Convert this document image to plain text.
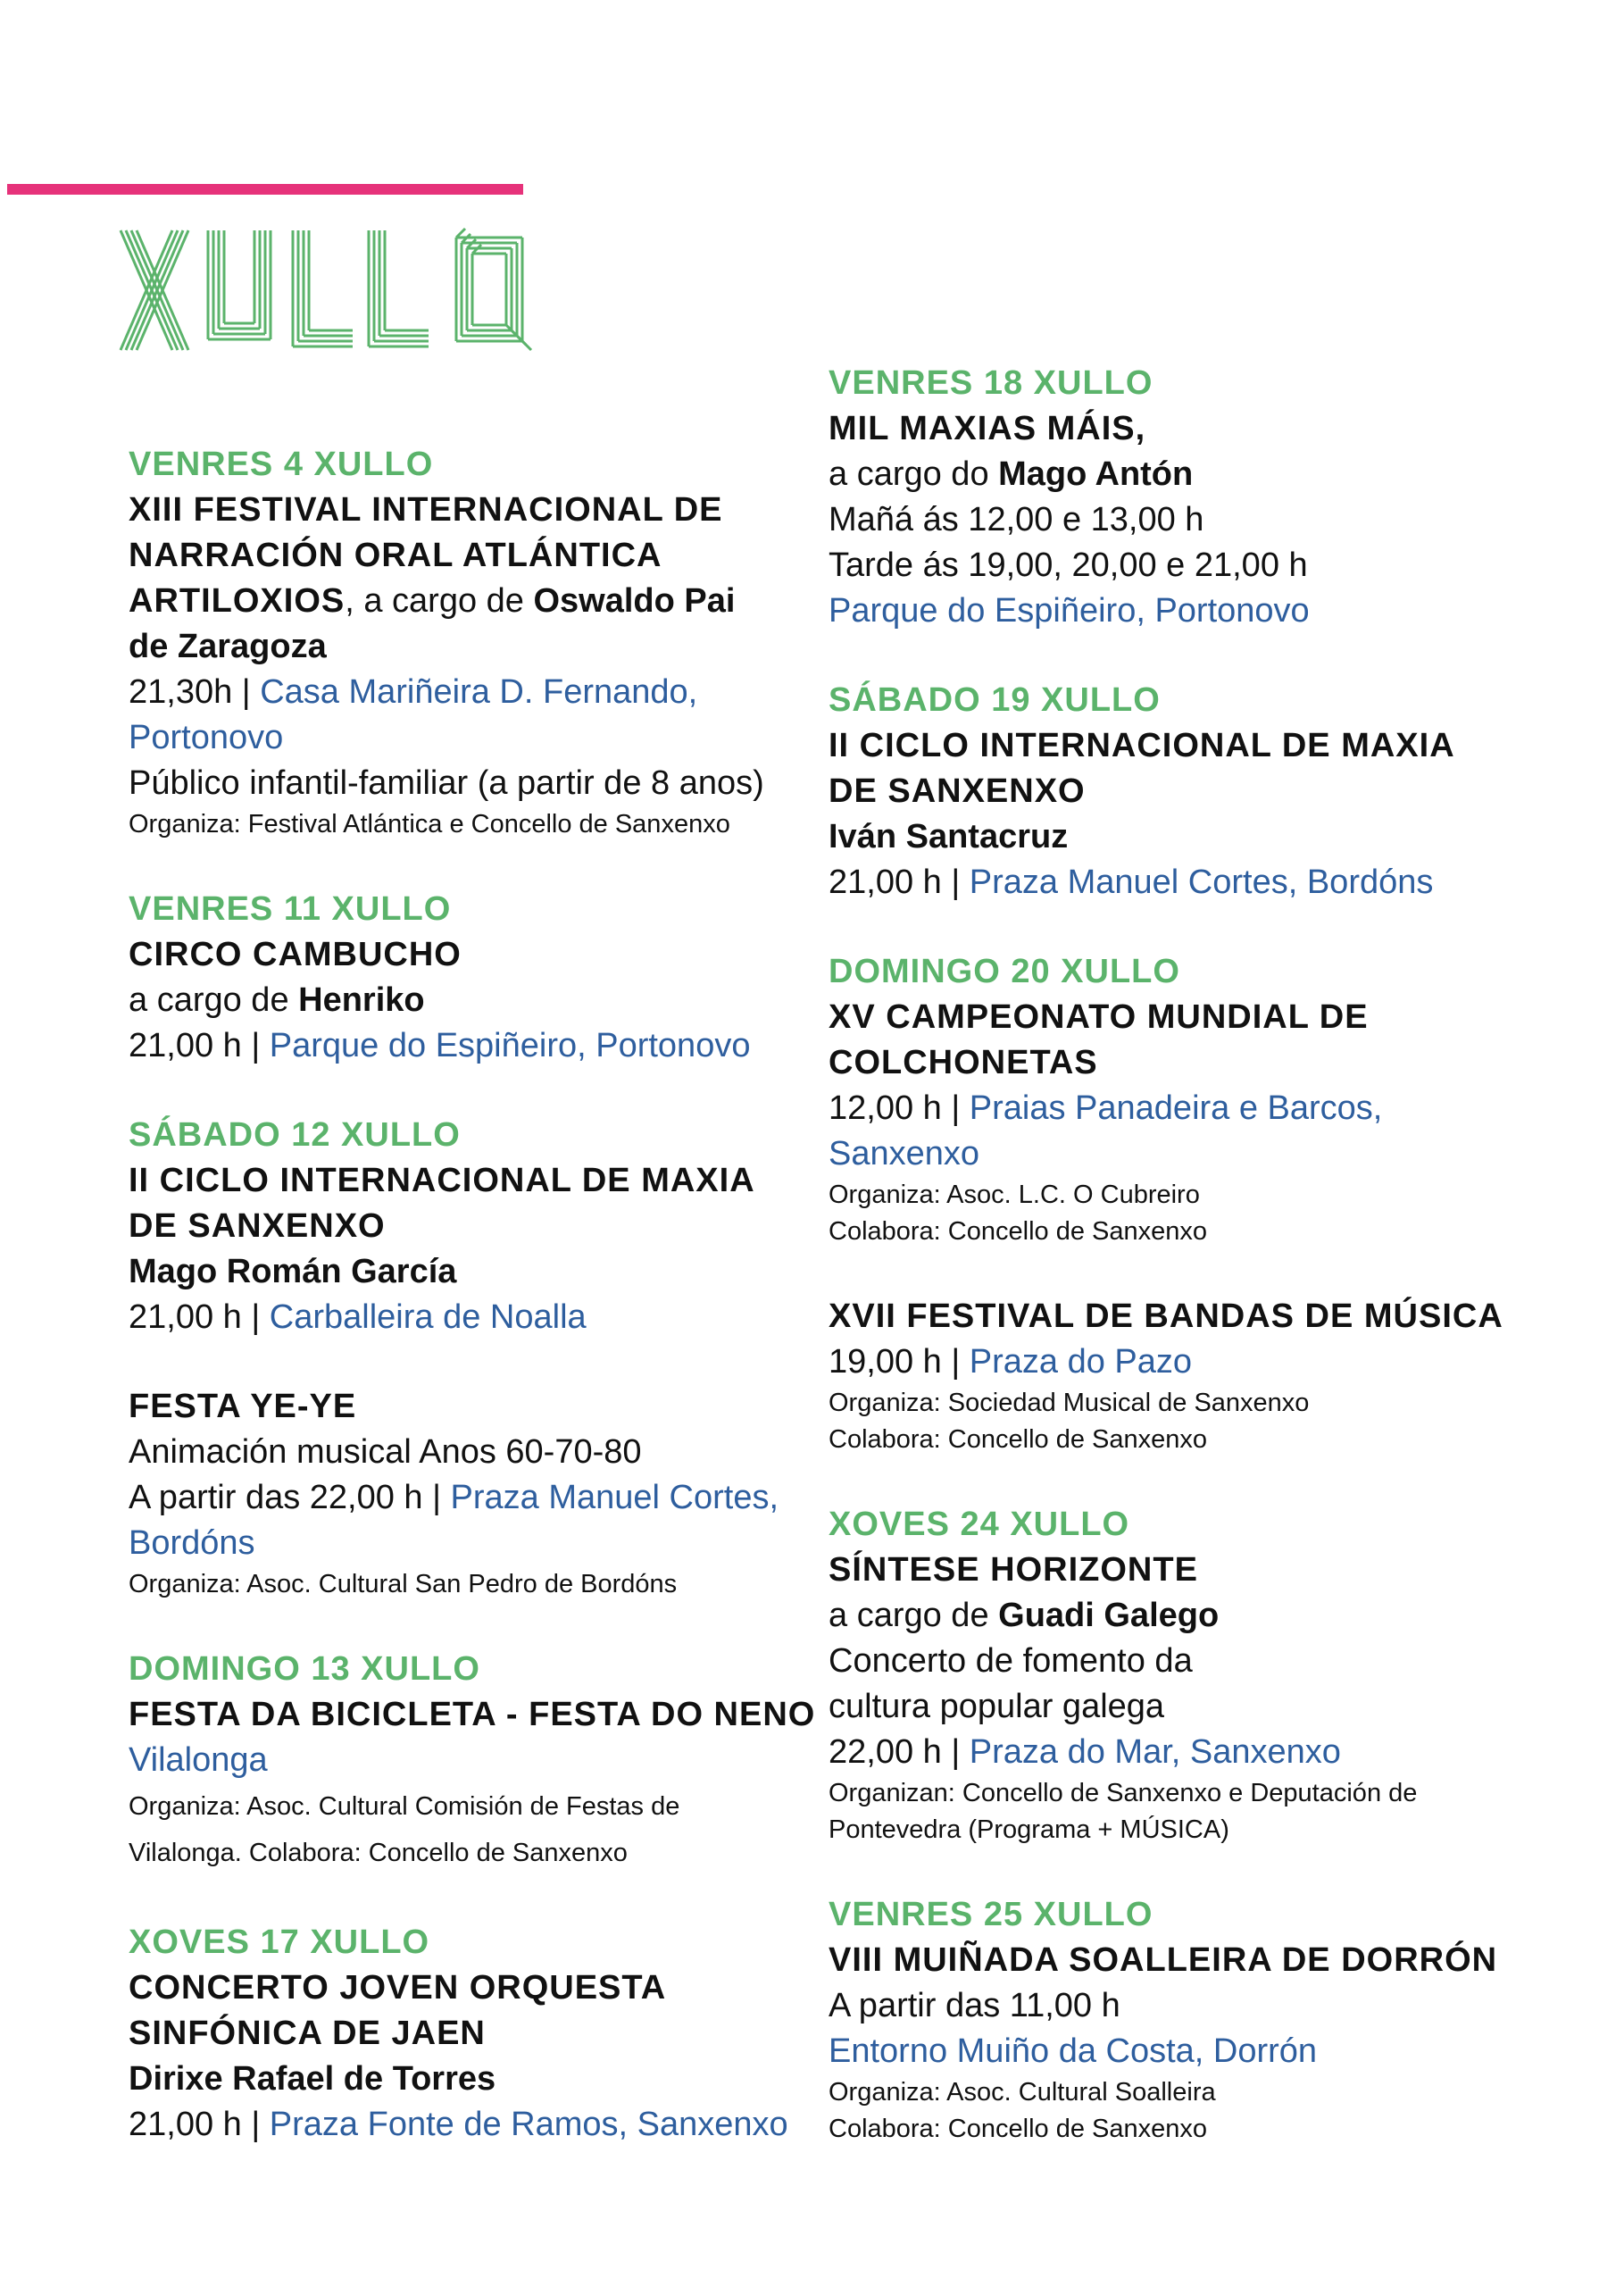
XULLO
VENRES 4 XULLO
XIII FESTIVAL INTERNACIONAL DE
NARRACIÓN ORAL ATLÁNTICA
ARTILOXIOS, a cargo de Oswaldo Pai
de Zaragoza
21,30h | Casa Mariñeira D. Fernando,
Portonovo
Público infantil-familiar (a partir de 8 anos)
Organiza: Festival Atlántica e Concello de Sanxenxo
VENRES 11 XULLO
CIRCO CAMBUCHO
a cargo de Henriko
21,00 h | Parque do Espiñeiro, Portonovo
SÁBADO 12 XULLO
II CICLO INTERNACIONAL DE MAXIA
DE SANXENXO
Mago Román García
21,00 h | Carballeira de Noalla
FESTA YE-YE
Animación musical Anos 60-70-80
A partir das 22,00 h | Praza Manuel Cortes,
Bordóns
Organiza: Asoc. Cultural San Pedro de Bordóns
DOMINGO 13 XULLO
FESTA DA BICICLETA - FESTA DO NENO
Vilalonga
Organiza: Asoc. Cultural Comisión de Festas de
Vilalonga. Colabora: Concello de Sanxenxo
XOVES 17 XULLO
CONCERTO JOVEN ORQUESTA
SINFÓNICA DE JAEN
Dirixe Rafael de Torres
21,00 h | Praza Fonte de Ramos, Sanxenxo
VENRES 18 XULLO
MIL MAXIAS MÁIS,
a cargo do Mago Antón
Mañá ás 12,00 e 13,00 h
Tarde ás 19,00, 20,00 e 21,00 h
Parque do Espiñeiro, Portonovo
SÁBADO 19 XULLO
II CICLO INTERNACIONAL DE MAXIA
DE SANXENXO
Iván Santacruz
21,00 h | Praza Manuel Cortes, Bordóns
DOMINGO 20 XULLO
XV CAMPEONATO MUNDIAL DE
COLCHONETAS
12,00 h | Praias Panadeira e Barcos,
Sanxenxo
Organiza: Asoc. L.C. O Cubreiro
Colabora: Concello de Sanxenxo
XVII FESTIVAL DE BANDAS DE MÚSICA
19,00 h | Praza do Pazo
Organiza: Sociedad Musical de Sanxenxo
Colabora: Concello de Sanxenxo
XOVES 24 XULLO
SÍNTESE HORIZONTE
a cargo de Guadi Galego
Concerto de fomento da
cultura popular galega
22,00 h | Praza do Mar, Sanxenxo
Organizan: Concello de Sanxenxo e Deputación de
Pontevedra (Programa + MÚSICA)
VENRES 25 XULLO
VIII MUIÑADA SOALLEIRA DE DORRÓN
A partir das 11,00 h
Entorno Muiño da Costa, Dorrón
Organiza: Asoc. Cultural Soalleira
Colabora: Concello de Sanxenxo
